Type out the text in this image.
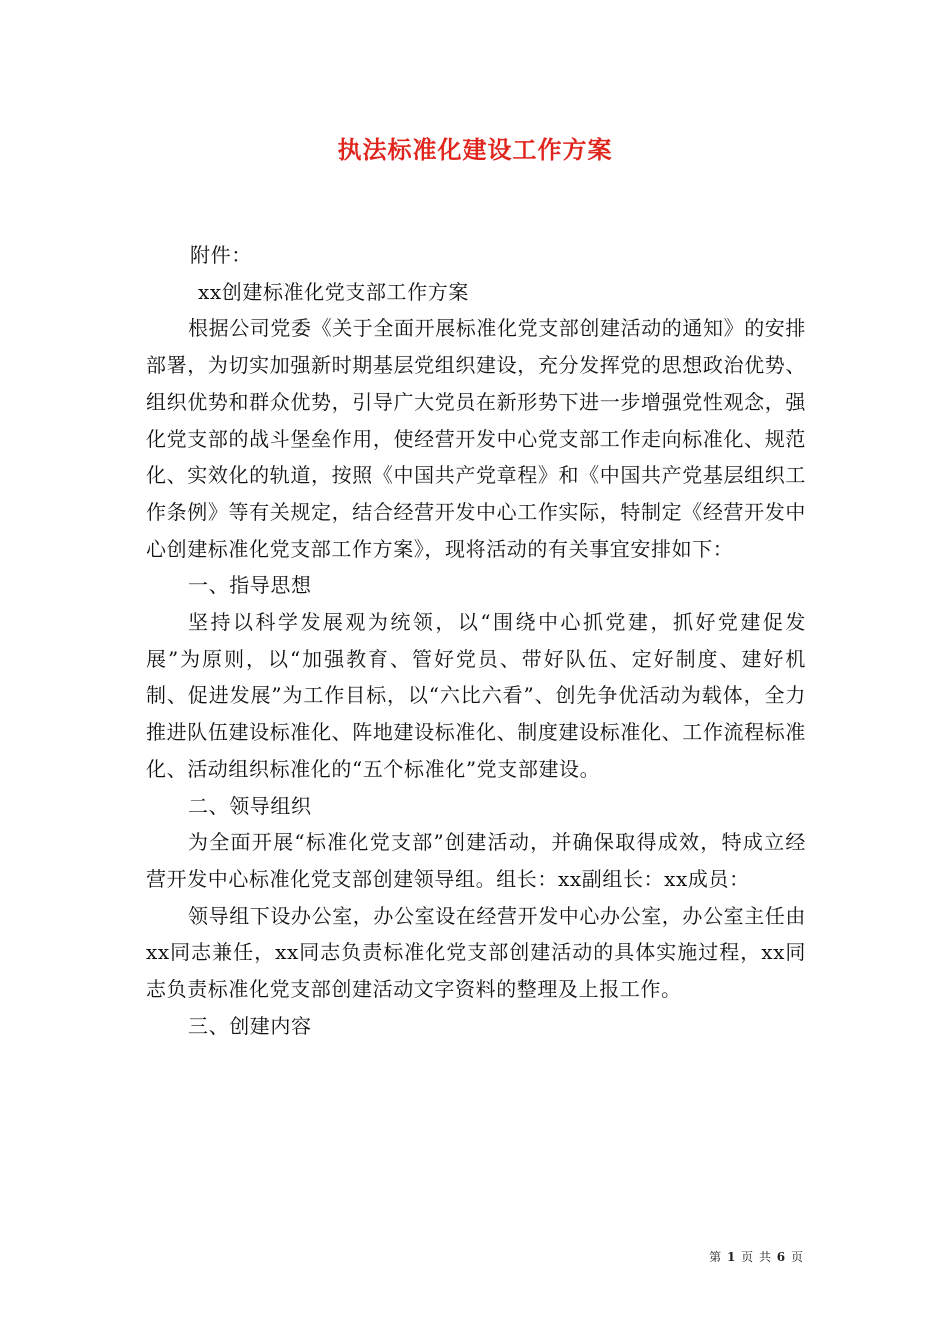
执法标准化建设工作方案

附件：

xx创建标准化党支部工作方案

根据公司党委《关于全面开展标准化党支部创建活动的通知》的安排部署，为切实加强新时期基层党组织建设，充分发挥党的思想政治优势、组织优势和群众优势，引导广大党员在新形势下进一步增强党性观念，强化党支部的战斗堡垒作用，使经营开发中心党支部工作走向标准化、规范化、实效化的轨道，按照《中国共产党章程》和《中国共产党基层组织工作条例》等有关规定，结合经营开发中心工作实际，特制定《经营开发中心创建标准化党支部工作方案》，现将活动的有关事宜安排如下：

一、指导思想

坚持以科学发展观为统领，以“围绕中心抓党建，抓好党建促发展”为原则，以“加强教育、管好党员、带好队伍、定好制度、建好机制、促进发展”为工作目标，以“六比六看”、创先争优活动为载体，全力推进队伍建设标准化、阵地建设标准化、制度建设标准化、工作流程标准化、活动组织标准化的“五个标准化”党支部建设。

二、领导组织

为全面开展“标准化党支部”创建活动，并确保取得成效，特成立经营开发中心标准化党支部创建领导组。组长：xx副组长：xx成员：

领导组下设办公室，办公室设在经营开发中心办公室，办公室主任由xx同志兼任，xx同志负责标准化党支部创建活动的具体实施过程，xx同志负责标准化党支部创建活动文字资料的整理及上报工作。

三、创建内容

第 1 页 共 6 页
